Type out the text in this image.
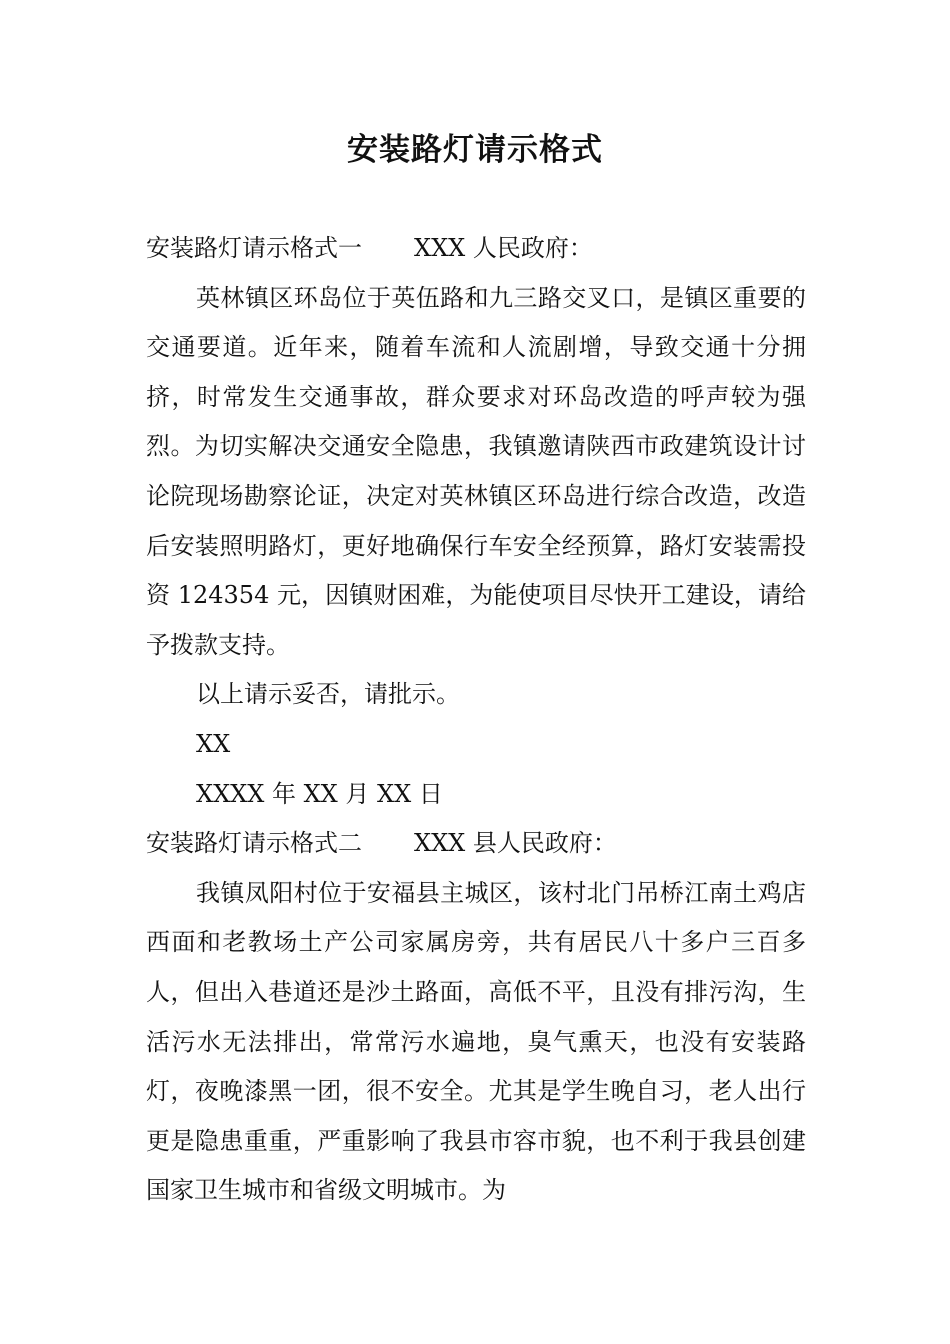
安装路灯请示格式

安装路灯请示格式一 XXX 人民政府：

英林镇区环岛位于英伍路和九三路交叉口，是镇区重要的交通要道。近年来，随着车流和人流剧增，导致交通十分拥挤，时常发生交通事故，群众要求对环岛改造的呼声较为强烈。为切实解决交通安全隐患，我镇邀请陕西市政建筑设计讨论院现场勘察论证，决定对英林镇区环岛进行综合改造，改造后安装照明路灯，更好地确保行车安全经预算，路灯安装需投资 124354 元，因镇财困难，为能使项目尽快开工建设，请给予拨款支持。

以上请示妥否，请批示。

XX

XXXX 年 XX 月 XX 日

安装路灯请示格式二 XXX 县人民政府：

我镇凤阳村位于安福县主城区，该村北门吊桥江南土鸡店西面和老教场土产公司家属房旁，共有居民八十多户三百多人，但出入巷道还是沙土路面，高低不平，且没有排污沟，生活污水无法排出，常常污水遍地，臭气熏天，也没有安装路灯，夜晚漆黑一团，很不安全。尤其是学生晚自习，老人出行更是隐患重重，严重影响了我县市容市貌，也不利于我县创建国家卫生城市和省级文明城市。为
